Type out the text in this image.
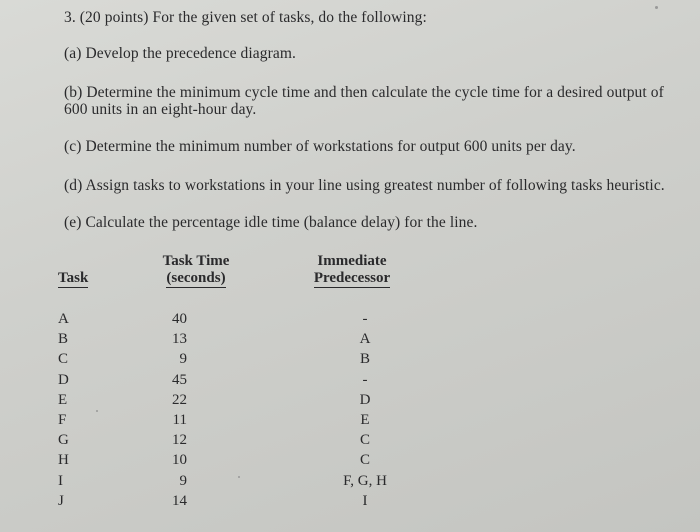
3. (20 points) For the given set of tasks, do the following:
(a) Develop the precedence diagram.
(b) Determine the minimum cycle time and then calculate the cycle time for a desired output of
600 units in an eight-hour day.
(c) Determine the minimum number of workstations for output 600 units per day.
(d) Assign tasks to workstations in your line using greatest number of following tasks heuristic.
(e) Calculate the percentage idle time (balance delay) for the line.
Task
Task Time
(seconds)
Immediate
Predecessor
A
B
C
D
E
F
G
H
I
J
40
13
9
45
22
11
12
10
9
14
-
A
B
-
D
E
C
C
F, G, H
I
